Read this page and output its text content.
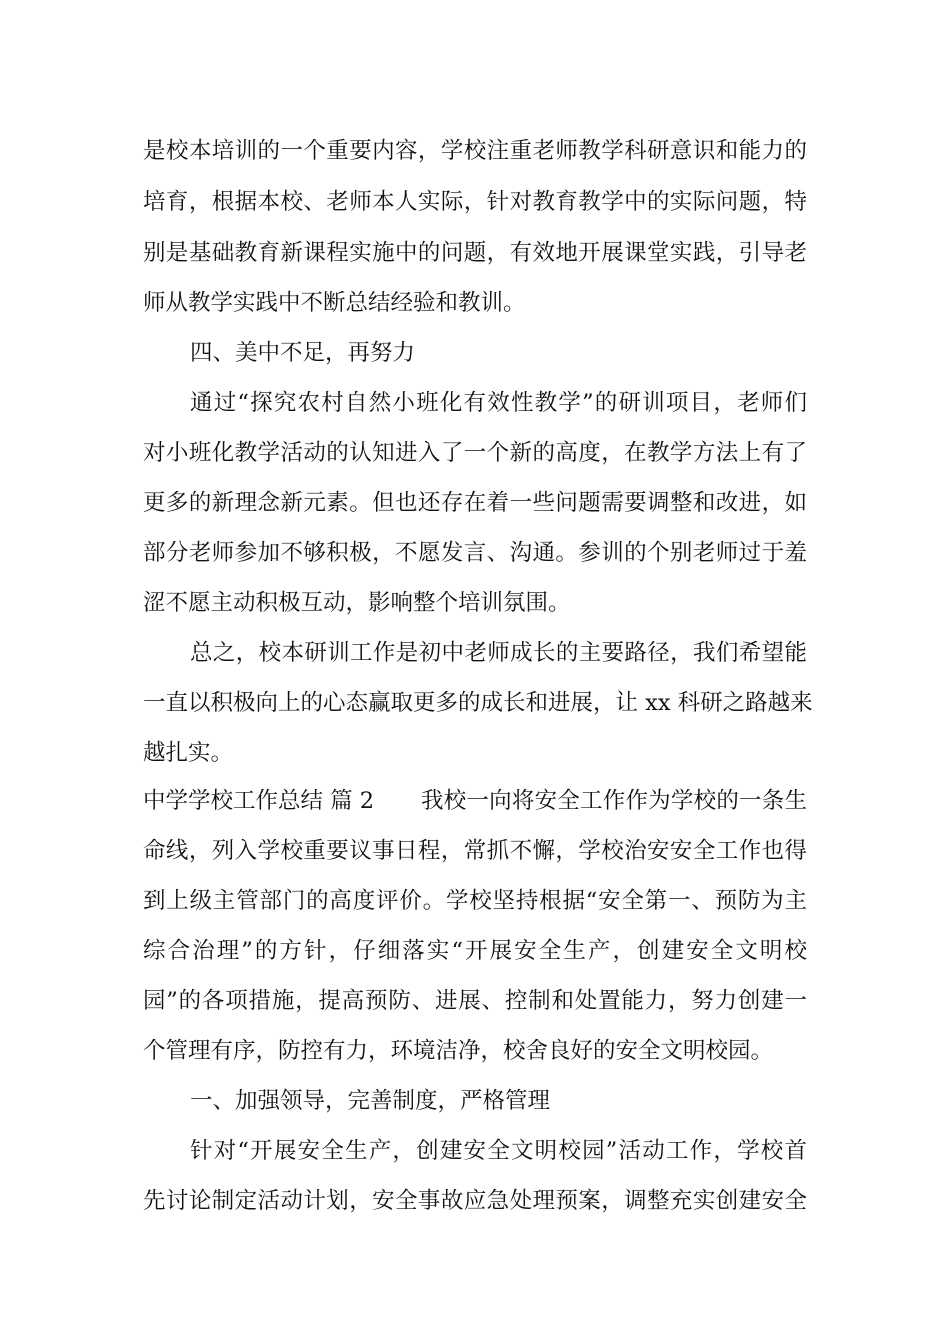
是校本培训的一个重要内容，学校注重老师教学科研意识和能力的

培育，根据本校、老师本人实际，针对教育教学中的实际问题，特

别是基础教育新课程实施中的问题，有效地开展课堂实践，引导老

师从教学实践中不断总结经验和教训。

四、美中不足，再努力

通过“探究农村自然小班化有效性教学”的研训项目，老师们

对小班化教学活动的认知进入了一个新的高度，在教学方法上有了

更多的新理念新元素。但也还存在着一些问题需要调整和改进，如

部分老师参加不够积极，不愿发言、沟通。参训的个别老师过于羞

涩不愿主动积极互动，影响整个培训氛围。

总之，校本研训工作是初中老师成长的主要路径，我们希望能

一直以积极向上的心态赢取更多的成长和进展，让 xx 科研之路越来

越扎实。

中学学校工作总结 篇 2 我校一向将安全工作作为学校的一条生

命线，列入学校重要议事日程，常抓不懈，学校治安安全工作也得

到上级主管部门的高度评价。学校坚持根据“安全第一、预防为主

综合治理”的方针，仔细落实“开展安全生产，创建安全文明校

园”的各项措施，提高预防、进展、控制和处置能力，努力创建一

个管理有序，防控有力，环境洁净，校舍良好的安全文明校园。

一、加强领导，完善制度，严格管理

针对“开展安全生产，创建安全文明校园”活动工作，学校首

先讨论制定活动计划，安全事故应急处理预案，调整充实创建安全
